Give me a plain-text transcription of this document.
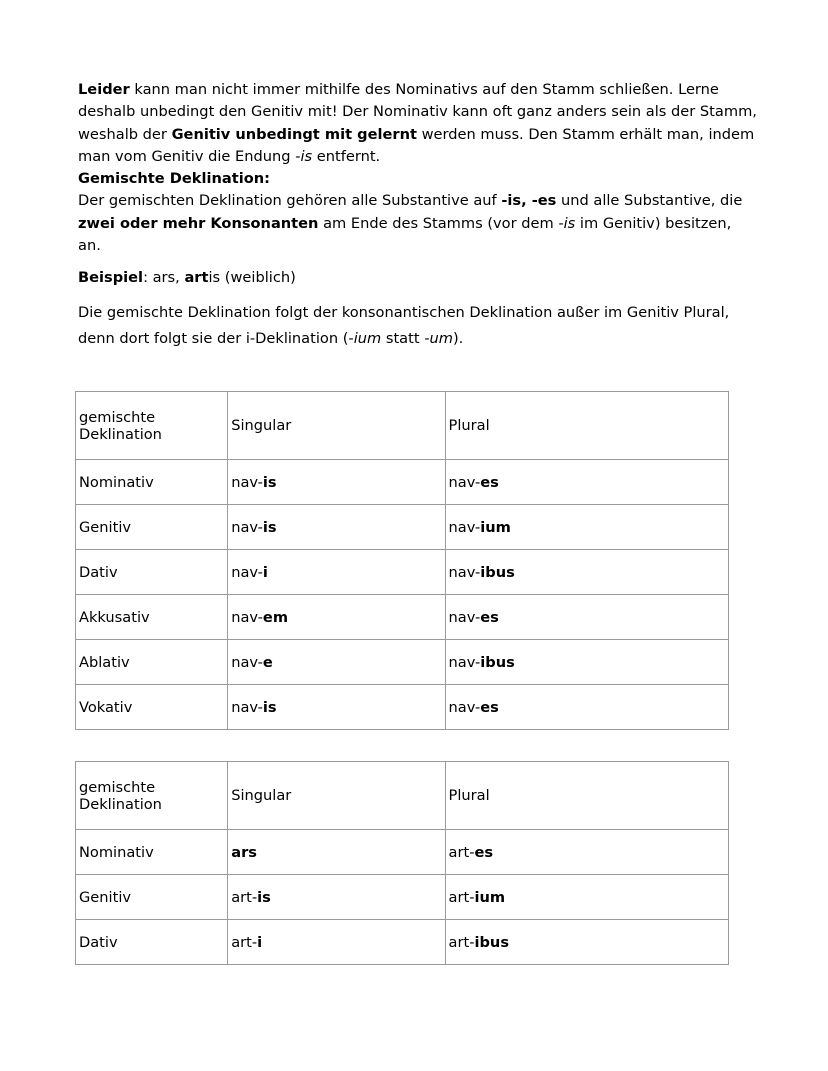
Leider kann man nicht immer mithilfe des Nominativs auf den Stamm schließen. Lerne deshalb unbedingt den Genitiv mit! Der Nominativ kann oft ganz anders sein als der Stamm, weshalb der Genitiv unbedingt mit gelernt werden muss. Den Stamm erhält man, indem man vom Genitiv die Endung -is entfernt.

Gemischte Deklination:

Der gemischten Deklination gehören alle Substantive auf -is, -es und alle Substantive, die zwei oder mehr Konsonanten am Ende des Stamms (vor dem -is im Genitiv) besitzen, an.

Beispiel: ars, artis (weiblich)

Die gemischte Deklination folgt der konsonantischen Deklination außer im Genitiv Plural, denn dort folgt sie der i-Deklination (-ium statt -um).

gemischte Deklination	Singular	Plural
Nominativ	nav-is	nav-es
Genitiv	nav-is	nav-ium
Dativ	nav-i	nav-ibus
Akkusativ	nav-em	nav-es
Ablativ	nav-e	nav-ibus
Vokativ	nav-is	nav-es
gemischte Deklination	Singular	Plural
Nominativ	ars	art-es
Genitiv	art-is	art-ium
Dativ	art-i	art-ibus
